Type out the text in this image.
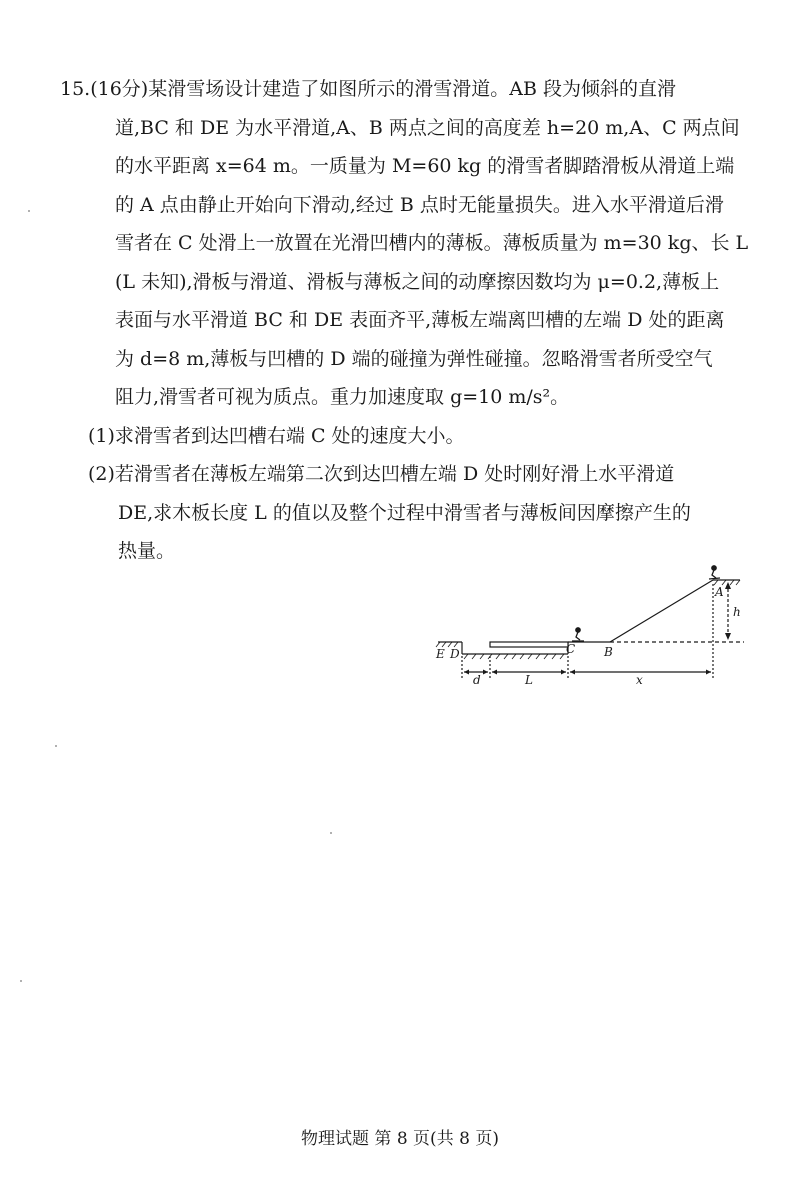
15.(16分)某滑雪场设计建造了如图所示的滑雪滑道。AB 段为倾斜的直滑

道,BC 和 DE 为水平滑道,A、B 两点之间的高度差 h=20 m,A、C 两点间

的水平距离 x=64 m。一质量为 M=60 kg 的滑雪者脚踏滑板从滑道上端

的 A 点由静止开始向下滑动,经过 B 点时无能量损失。进入水平滑道后滑

雪者在 C 处滑上一放置在光滑凹槽内的薄板。薄板质量为 m=30 kg、长 L

(L 未知),滑板与滑道、滑板与薄板之间的动摩擦因数均为 μ=0.2,薄板上

表面与水平滑道 BC 和 DE 表面齐平,薄板左端离凹槽的左端 D 处的距离

为 d=8 m,薄板与凹槽的 D 端的碰撞为弹性碰撞。忽略滑雪者所受空气

阻力,滑雪者可视为质点。重力加速度取 g=10 m/s²。

(1)求滑雪者到达凹槽右端 C 处的速度大小。

(2)若滑雪者在薄板左端第二次到达凹槽左端 D 处时刚好滑上水平滑道

DE,求木板长度 L 的值以及整个过程中滑雪者与薄板间因摩擦产生的

热量。

E D	C B
A
h
d	L	x
物理试题 第 8 页(共 8 页)
